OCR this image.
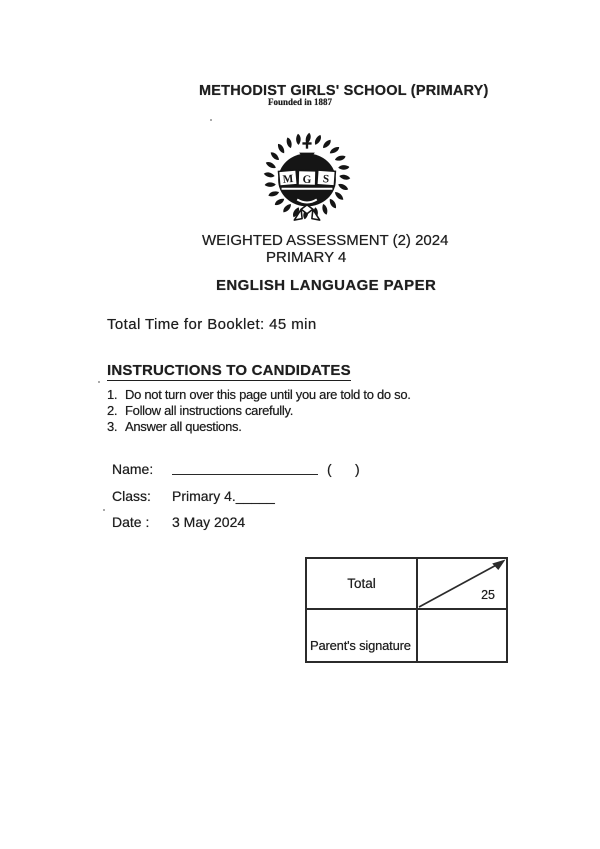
METHODIST GIRLS' SCHOOL (PRIMARY)
Founded in 1887
M G S
WEIGHTED ASSESSMENT (2) 2024
PRIMARY 4
ENGLISH LANGUAGE PAPER
Total Time for Booklet: 45 min
INSTRUCTIONS TO CANDIDATES
1. Do not turn over this page until you are told to do so.
2. Follow all instructions carefully.
3. Answer all questions.
Name:	(      )
Class: Primary 4._____
Date : 3 May 2024
Total
25
Parent's signature
